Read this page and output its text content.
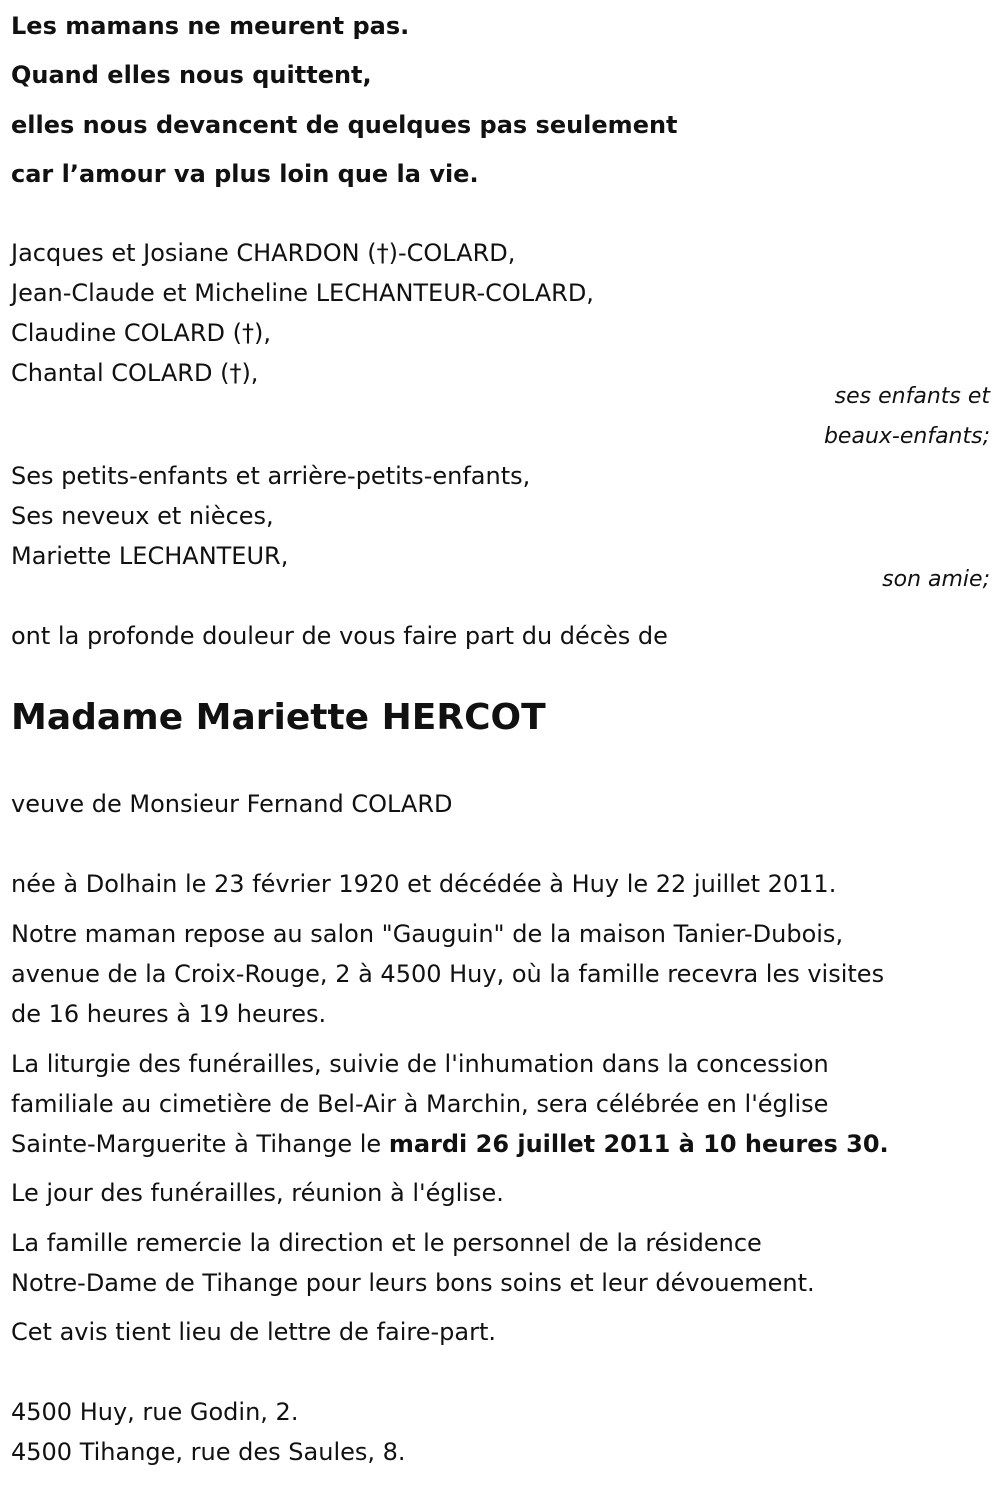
Les mamans ne meurent pas.
Quand elles nous quittent,
elles nous devancent de quelques pas seulement
car l’amour va plus loin que la vie.
Jacques et Josiane CHARDON (†)-COLARD,
Jean-Claude et Micheline LECHANTEUR-COLARD,
Claudine COLARD (†),
Chantal COLARD (†),
ses enfants et
beaux-enfants;
Ses petits-enfants et arrière-petits-enfants,
Ses neveux et nièces,
Mariette LECHANTEUR,
son amie;
ont la profonde douleur de vous faire part du décès de
Madame Mariette HERCOT
veuve de Monsieur Fernand COLARD
née à Dolhain le 23 février 1920 et décédée à Huy le 22 juillet 2011.
Notre maman repose au salon "Gauguin" de la maison Tanier-Dubois,
avenue de la Croix-Rouge, 2 à 4500 Huy, où la famille recevra les visites
de 16 heures à 19 heures.
La liturgie des funérailles, suivie de l'inhumation dans la concession
familiale au cimetière de Bel-Air à Marchin, sera célébrée en l'église
Sainte-Marguerite à Tihange le mardi 26 juillet 2011 à 10 heures 30.
Le jour des funérailles, réunion à l'église.
La famille remercie la direction et le personnel de la résidence
Notre-Dame de Tihange pour leurs bons soins et leur dévouement.
Cet avis tient lieu de lettre de faire-part.
4500 Huy, rue Godin, 2.
4500 Tihange, rue des Saules, 8.
